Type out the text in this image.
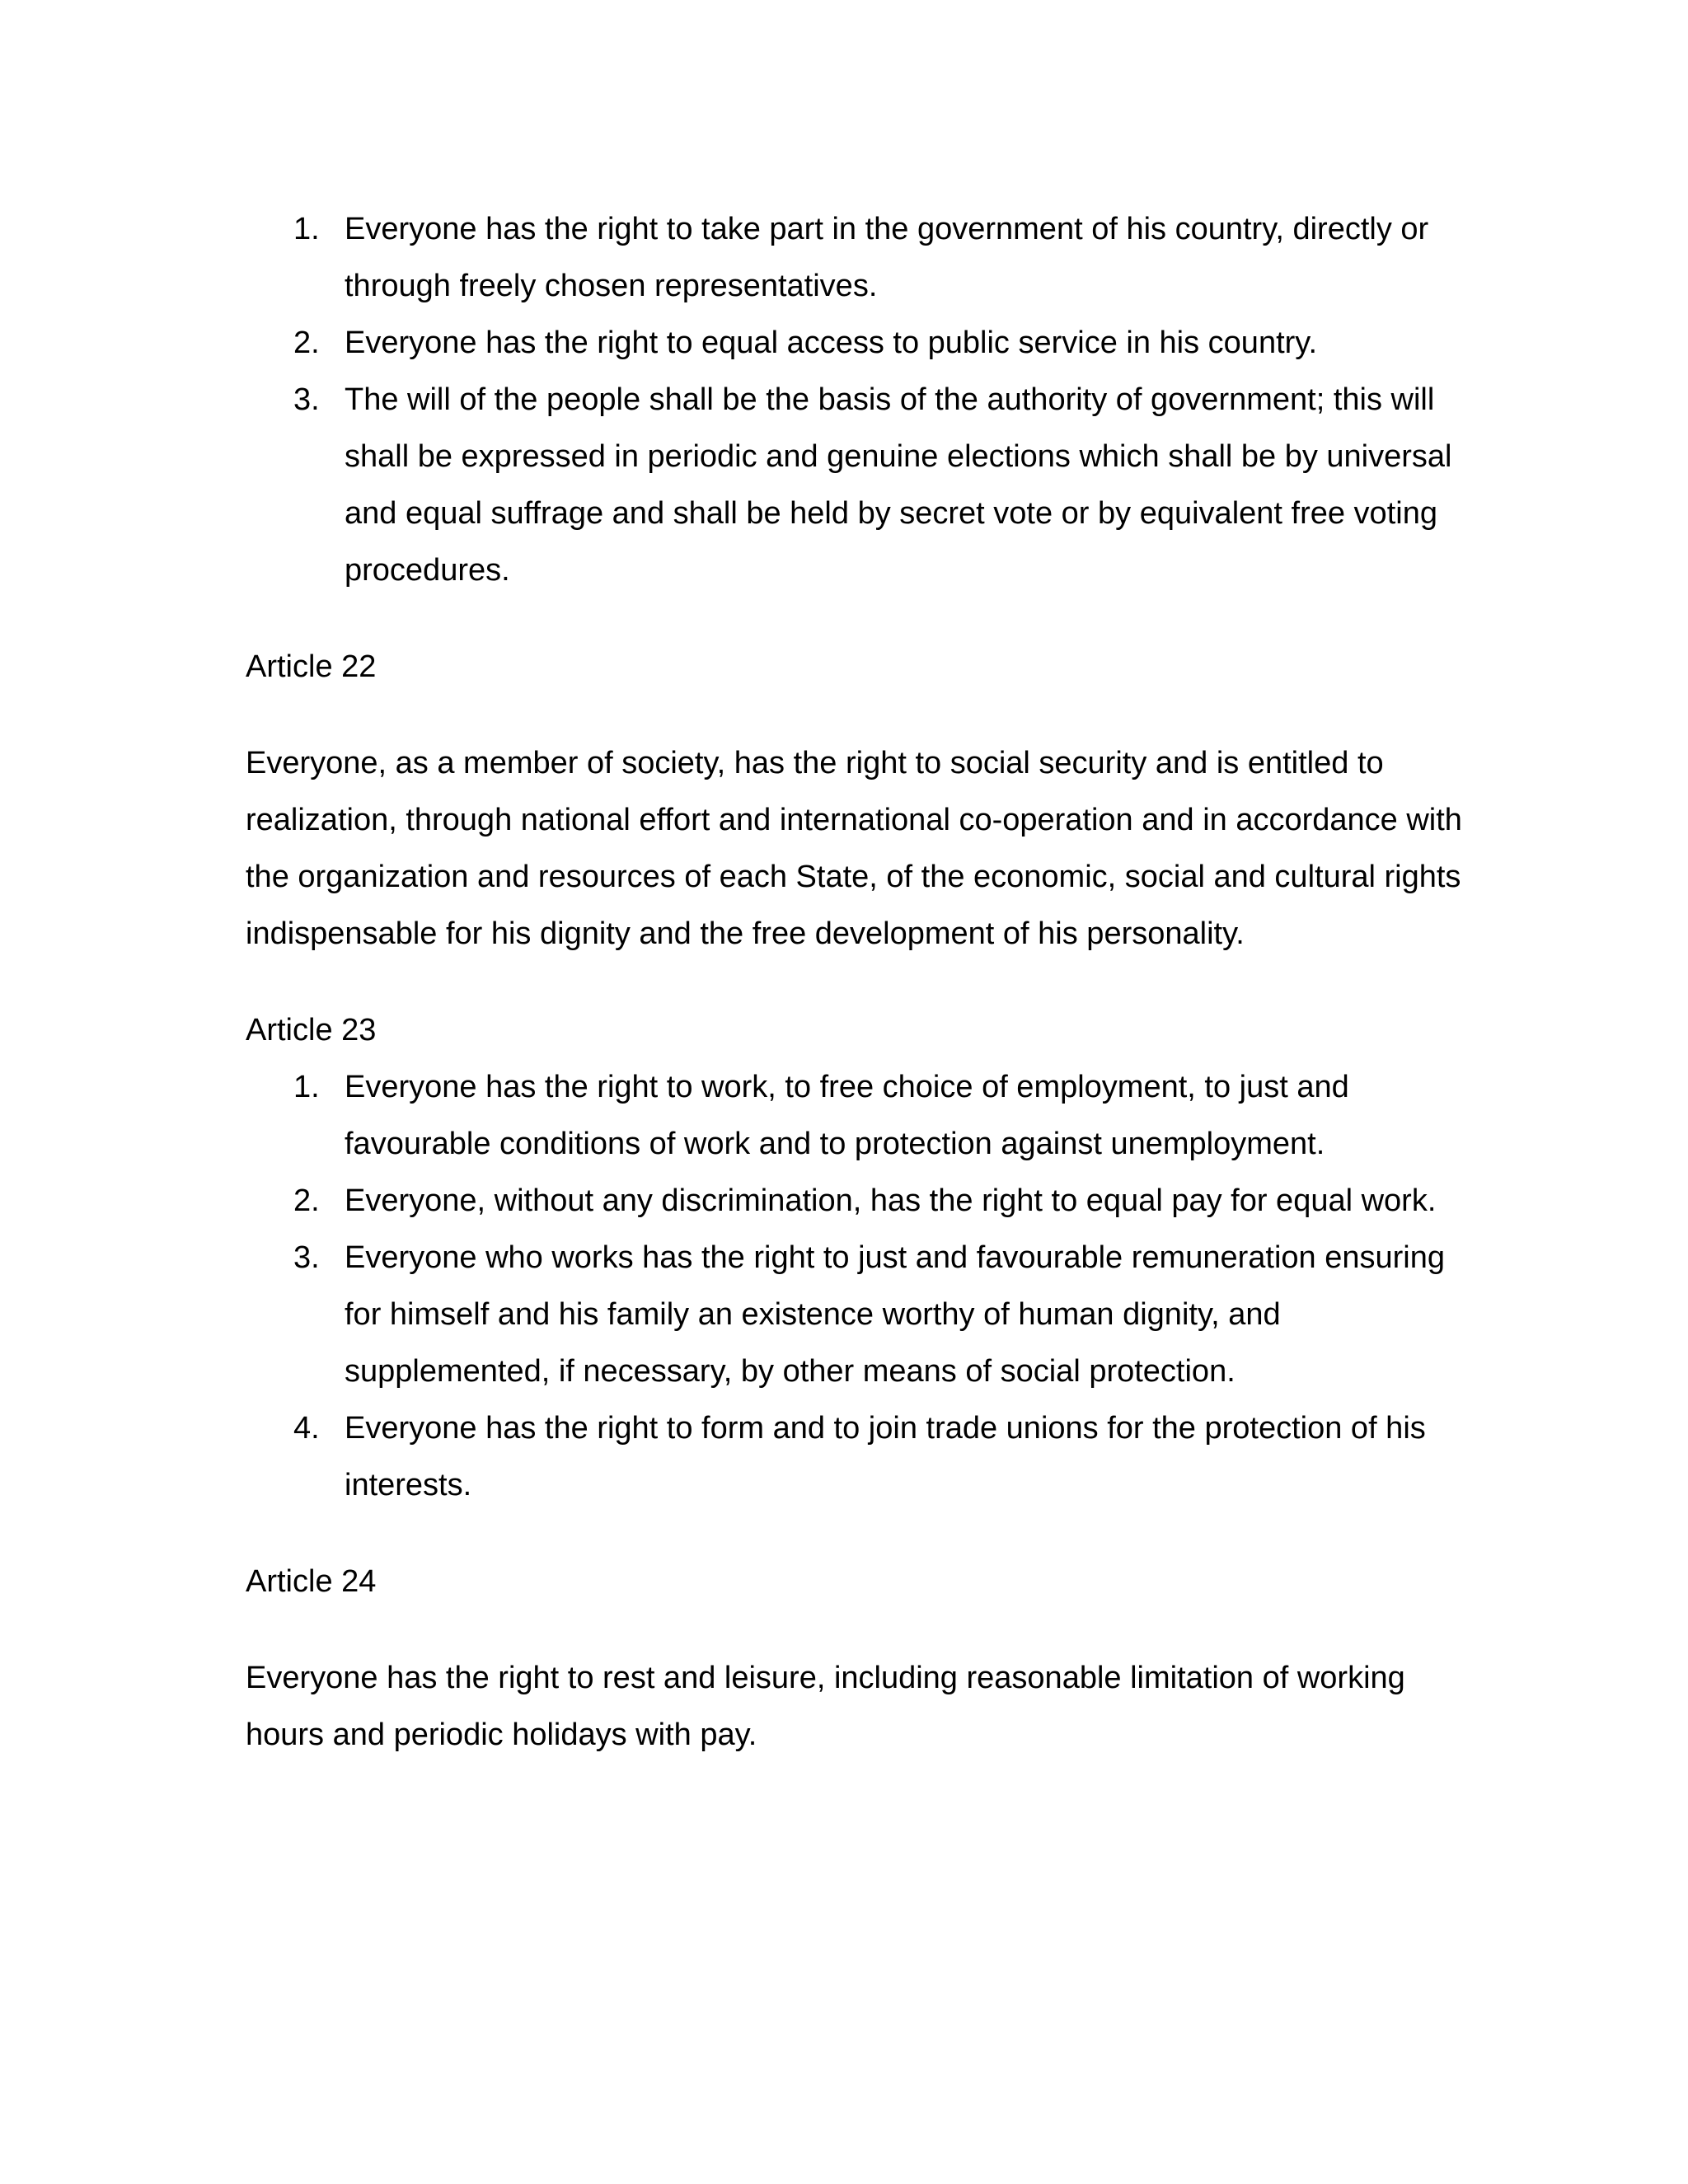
1. Everyone has the right to take part in the government of his country, directly or through freely chosen representatives.
2. Everyone has the right to equal access to public service in his country.
3. The will of the people shall be the basis of the authority of government; this will shall be expressed in periodic and genuine elections which shall be by universal and equal suffrage and shall be held by secret vote or by equivalent free voting procedures.
Article 22
Everyone, as a member of society, has the right to social security and is entitled to realization, through national effort and international co-operation and in accordance with the organization and resources of each State, of the economic, social and cultural rights indispensable for his dignity and the free development of his personality.
Article 23
1. Everyone has the right to work, to free choice of employment, to just and favourable conditions of work and to protection against unemployment.
2. Everyone, without any discrimination, has the right to equal pay for equal work.
3. Everyone who works has the right to just and favourable remuneration ensuring for himself and his family an existence worthy of human dignity, and supplemented, if necessary, by other means of social protection.
4. Everyone has the right to form and to join trade unions for the protection of his interests.
Article 24
Everyone has the right to rest and leisure, including reasonable limitation of working hours and periodic holidays with pay.
